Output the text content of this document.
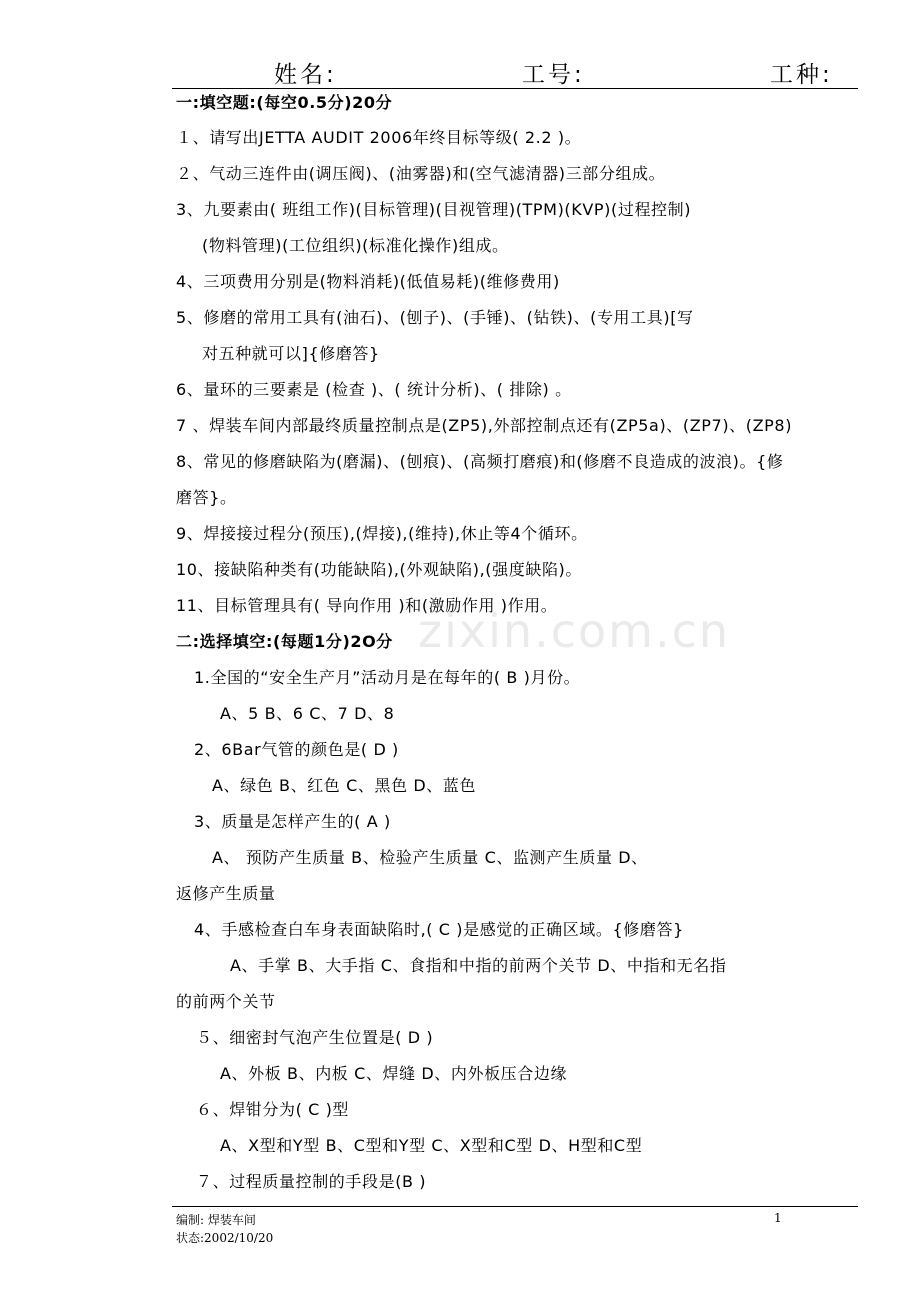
姓名:	工号:	工种:
一:填空题:(每空0.5分)20分
１、请写出JETTA AUDIT 2006年终目标等级( 2.2 )。
２、气动三连件由(调压阀)、(油雾器)和(空气滤清器)三部分组成。
3、九要素由( 班组工作)(目标管理)(目视管理)(TPM)(KVP)(过程控制)
(物料管理)(工位组织)(标准化操作)组成。
4、三项费用分别是(物料消耗)(低值易耗)(维修费用)
5、修磨的常用工具有(油石)、(刨子)、(手锤)、(钻铁)、(专用工具)[写
对五种就可以]{修磨答}
6、量环的三要素是 (检查 )、( 统计分析)、( 排除) 。
7 、焊装车间内部最终质量控制点是(ZP5),外部控制点还有(ZP5a)、(ZP7)、(ZP8)
8、常见的修磨缺陷为(磨漏)、(刨痕)、(高频打磨痕)和(修磨不良造成的波浪)。{修
磨答}。
9、焊接接过程分(预压),(焊接),(维持),休止等4个循环。
10、接缺陷种类有(功能缺陷),(外观缺陷),(强度缺陷)。
11、目标管理具有( 导向作用 )和(激励作用 )作用。
zixin.com.cn
二:选择填空:(每题1分)2O分
1.全国的“安全生产月”活动月是在每年的( B )月份。
A、5 B、6 C、7 D、8
2、6Bar气管的颜色是( D )
A、绿色 B、红色 C、黑色 D、蓝色
3、质量是怎样产生的( A )
A、 预防产生质量 B、检验产生质量 C、监测产生质量 D、
返修产生质量
4、手感检查白车身表面缺陷时,( C )是感觉的正确区域。{修磨答}
A、手掌 B、大手指 C、食指和中指的前两个关节 D、中指和无名指
的前两个关节
５、细密封气泡产生位置是( D )
A、外板 B、内板 C、焊缝 D、内外板压合边缘
６、焊钳分为( C )型
A、X型和Y型 B、C型和Y型 C、X型和C型 D、H型和C型
７、过程质量控制的手段是(B )
编制: 焊装车间
状态:2002/10/20
1
